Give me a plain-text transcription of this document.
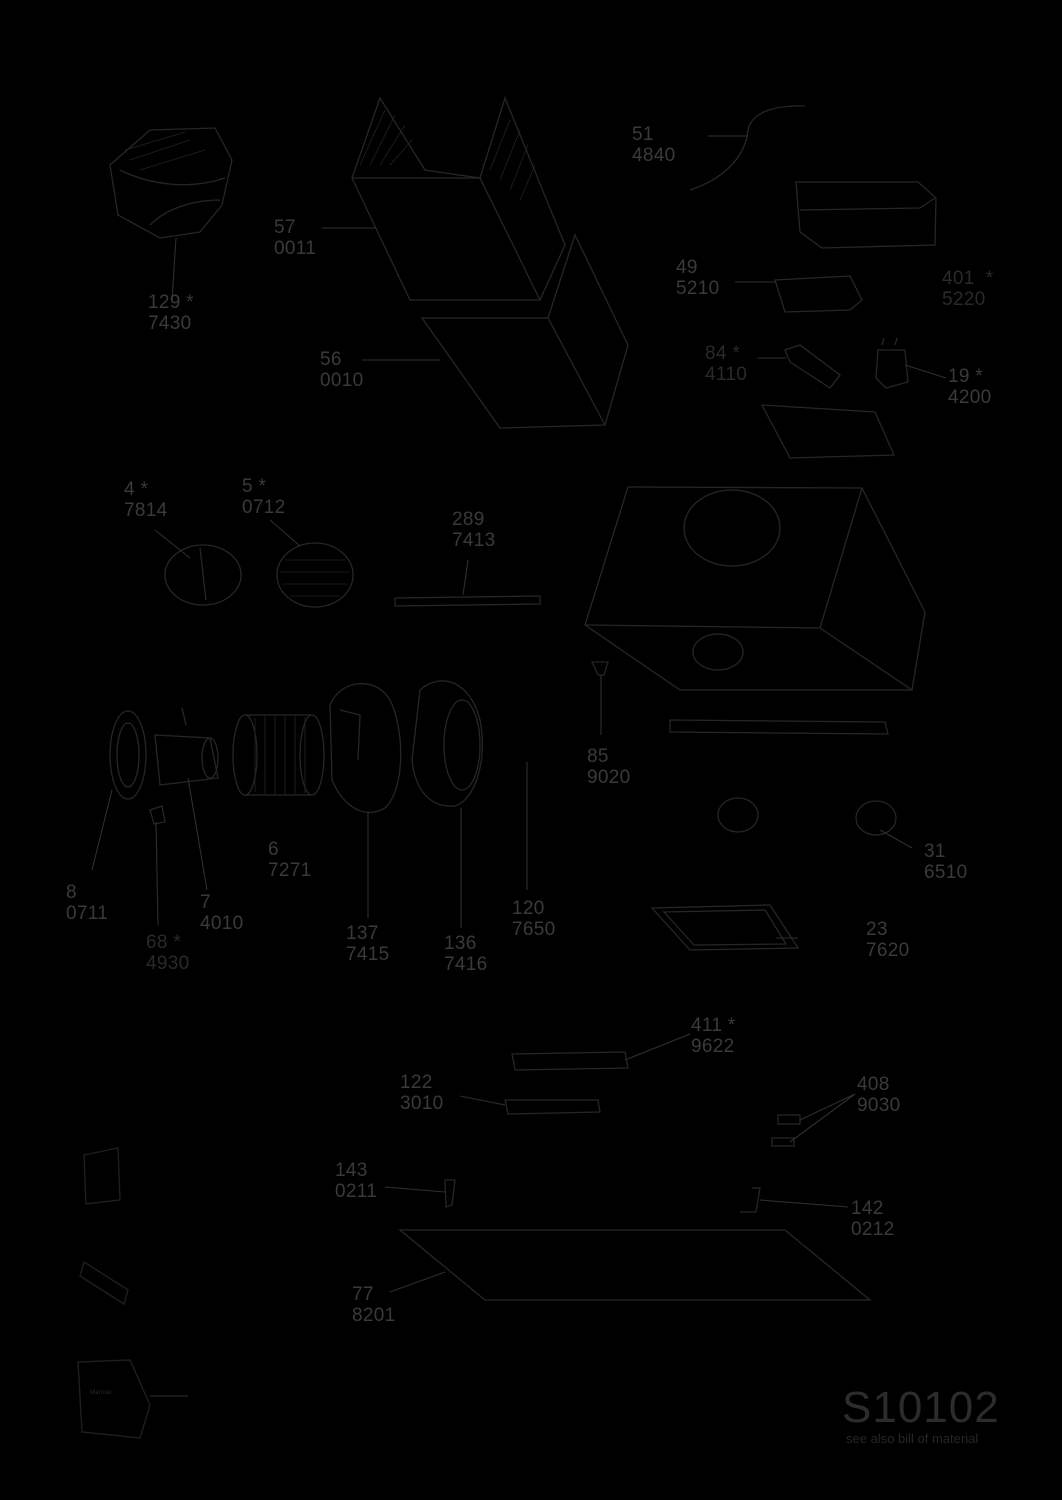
129 *
7430
57
0011
56
0010
51
4840
49
5210	401  *
5220
84 *
4110	19 *
4200
4 *
7814
5 *
0712
289
7413
85
9020
6
7271
8
0711
7
4010
68 *
4930
137
7415
136
7416
120
7650
31
6510
23
7620
411 *
9622
122
3010
408
9030
143
0211
142
0212
77
8201
Manual	S10102
see also bill of material
